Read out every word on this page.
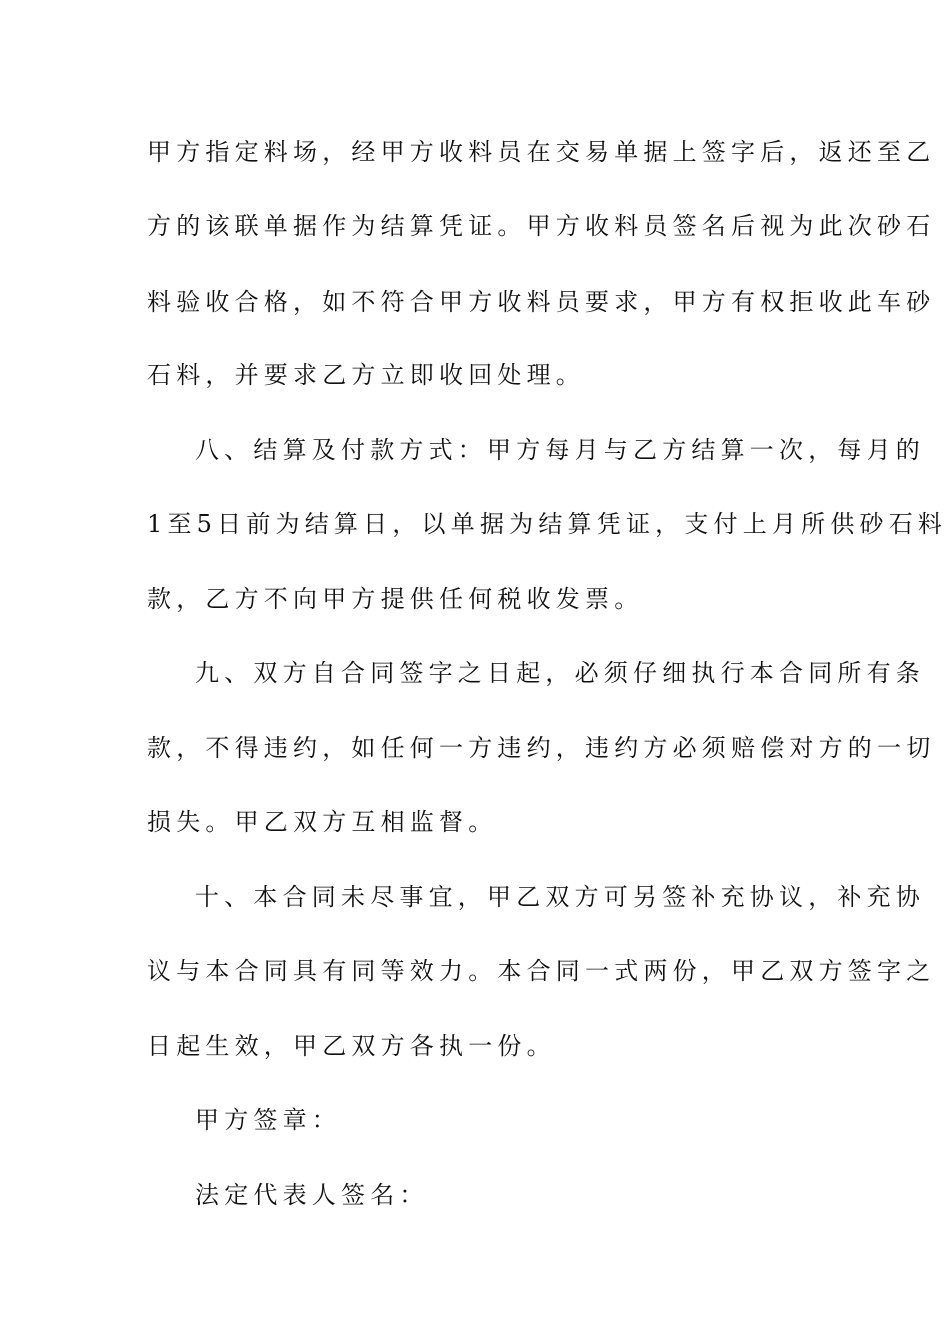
甲方指定料场，经甲方收料员在交易单据上签字后，返还至乙
方的该联单据作为结算凭证。甲方收料员签名后视为此次砂石
料验收合格，如不符合甲方收料员要求，甲方有权拒收此车砂
石料，并要求乙方立即收回处理。
八、结算及付款方式：甲方每月与乙方结算一次，每月的
1至5日前为结算日，以单据为结算凭证，支付上月所供砂石料
款，乙方不向甲方提供任何税收发票。
九、双方自合同签字之日起，必须仔细执行本合同所有条
款，不得违约，如任何一方违约，违约方必须赔偿对方的一切
损失。甲乙双方互相监督。
十、本合同未尽事宜，甲乙双方可另签补充协议，补充协
议与本合同具有同等效力。本合同一式两份，甲乙双方签字之
日起生效，甲乙双方各执一份。
甲方签章：
法定代表人签名：
